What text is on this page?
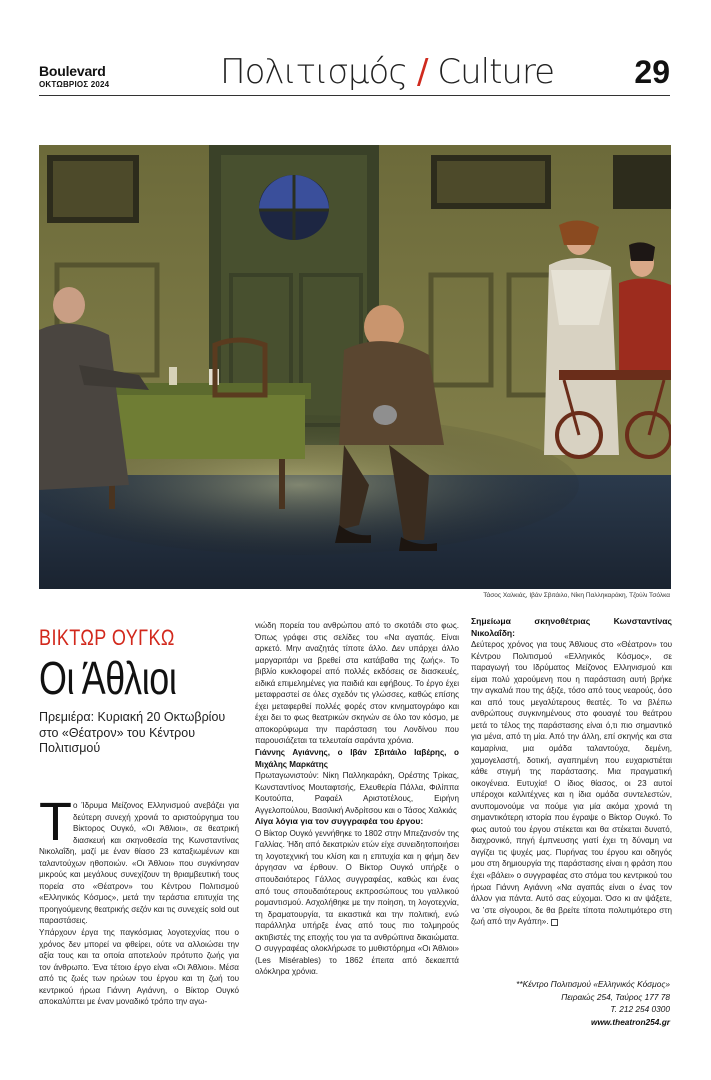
Boulevard
ΟΚΤΩΒΡΙΟΣ 2024	Πολιτισμός / Culture	29
Τάσος Χαλκιάς, Ιβάν Σβιτάιλο, Νίκη Παλληκαράκη, Τζούλι Τσόλκα
ΒΙΚΤΩΡ ΟΥΓΚΩ
Οι Άθλιοι
Πρεμιέρα: Κυριακή 20 Οκτωβρίου στο «Θέατρον» του Κέντρου Πολιτισμού
Τ ο Ίδρυμα Μείζονος Ελληνισμού ανεβάζει για δεύτερη συνεχή χρονιά το αριστούργημα του Βίκτορος Ουγκό, «Οι Άθλιοι», σε θεατρική διασκευή και σκηνοθεσία της Κωνσταντίνας Νικολαΐδη, μαζί με έναν θίασο 23 καταξιωμένων και ταλαντούχων ηθοποιών. «Οι Άθλιοι» που συγκίνησαν μικρούς και μεγάλους συνεχίζουν τη θριαμβευτική τους πορεία στο «Θέατρον» του Κέντρου Πολιτισμού «Ελληνικός Κόσμος», μετά την τεράστια επιτυχία της προηγούμενης θεατρικής σεζόν και τις συνεχείς sold out παραστάσεις.

Υπάρχουν έργα της παγκόσμιας λογοτεχνίας που ο χρόνος δεν μπορεί να φθείρει, ούτε να αλλοιώσει την αξία τους και τα οποία αποτελούν πρότυπο ζωής για τον άνθρωπο. Ένα τέτοιο έργο είναι «Οι Άθλιοι». Μέσα από τις ζωές των ηρώων του έργου και τη ζωή του κεντρικού ήρωα Γιάννη Αγιάννη, ο Βίκτορ Ουγκό αποκαλύπτει με έναν μοναδικό τρόπο την αγω-

νιώδη πορεία του ανθρώπου από το σκοτάδι στο φως. Όπως γράφει στις σελίδες του «Να αγαπάς. Είναι αρκετό. Μην αναζητάς τίποτε άλλο. Δεν υπάρχει άλλο μαργαριτάρι να βρεθεί στα κατάβαθα της ζωής». Το βιβλίο κυκλοφορεί από πολλές εκδόσεις σε διασκευές, ειδικά επιμελημένες για παιδιά και εφήβους. Το έργο έχει μεταφραστεί σε όλες σχεδόν τις γλώσσες, καθώς επίσης έχει μεταφερθεί πολλές φορές στον κινηματογράφο και έχει δει το φως θεατρικών σκηνών σε όλο τον κόσμο, με αποκορύφωμα την παράσταση του Λονδίνου που παρουσιάζεται τα τελευταία σαράντα χρόνια.

Γιάννης Αγιάννης, ο Ιβάν Σβιτάιλο Ιαβέρης, ο Μιχάλης Μαρκάτης

Πρωταγωνιστούν: Νίκη Παλληκαράκη, Ορέστης Τρίκας, Κωνσταντίνος Μουταφτσής, Ελευθερία Πάλλα, Φιλίππα Κουτούπα, Ραφαέλ Αριστοτέλους, Ειρήνη Αγγελοπούλου, Βασιλική Ανδρίτσου και ο Τάσος Χαλκιάς

Λίγα λόγια για τον συγγραφέα του έργου:

Ο Βίκτορ Ουγκό γεννήθηκε το 1802 στην Μπεζανσόν της Γαλλίας. Ήδη από δεκατριών ετών είχε συνειδητοποιήσει τη λογοτεχνική του κλίση και η επιτυχία και η φήμη δεν άργησαν να έρθουν. Ο Βίκτορ Ουγκό υπήρξε ο σπουδαιότερος Γάλλος συγγραφέας, καθώς και ένας από τους σπουδαιότερους εκπροσώπους του γαλλικού ρομαντισμού. Ασχολήθηκε με την ποίηση, τη λογοτεχνία, τη δραματουργία, τα εικαστικά και την πολιτική, ενώ παράλληλα υπήρξε ένας από τους πιο τολμηρούς ακτιβιστές της εποχής του για τα ανθρώπινα δικαιώματα. Ο συγγραφέας ολοκλήρωσε το μυθιστόρημα «Οι Άθλιοι» (Les Misérables) το 1862 έπειτα από δεκαεπτά ολόκληρα χρόνια.

Σημείωμα σκηνοθέτριας Κωνσταντίνας Νικολαΐδη:

Δεύτερος χρόνος για τους Άθλιους στο «Θέατρον» του Κέντρου Πολιτισμού «Ελληνικός Κόσμος», σε παραγωγή του Ιδρύματος Μείζονος Ελληνισμού και είμαι πολύ χαρούμενη που η παράσταση αυτή βρήκε την αγκαλιά που της άξιζε, τόσο από τους νεαρούς, όσο και από τους μεγαλύτερους θεατές. Το να βλέπω ανθρώπους συγκινημένους στο φουαγιέ του θεάτρου μετά το τέλος της παράστασης είναι ό,τι πιο σημαντικό για μένα, από τη μία. Από την άλλη, επί σκηνής και στα καμαρίνια, μια ομάδα ταλαντούχα, δεμένη, χαμογελαστή, δοτική, αγαπημένη που ευχαριστιέται κάθε στιγμή της παράστασης. Μια πραγματική οικογένεια. Ευτυχία! Ο ίδιος θίασος, οι 23 αυτοί υπέροχοι καλλιτέχνες και η ίδια ομάδα συντελεστών, ανυπομονούμε να πούμε για μία ακόμα χρονιά τη σημαντικότερη ιστορία που έγραψε ο Βίκτορ Ουγκό. Το φως αυτού του έργου στέκεται και θα στέκεται δυνατό, διαχρονικό, πηγή έμπνευσης γιατί έχει τη δύναμη να αγγίζει τις ψυχές μας. Πυρήνας του έργου και οδηγός μου στη δημιουργία της παράστασης είναι η φράση που έχει «βάλει» ο συγγραφέας στο στόμα του κεντρικού του ήρωα Γιάννη Αγιάννη «Να αγαπάς είναι ο ένας τον άλλον για πάντα. Αυτό σας εύχομαι. Όσο κι αν ψάξετε, να ’στε σίγουροι, δε θα βρείτε τίποτα πολυτιμότερο στη ζωή από την Αγάπη».

**Κέντρο Πολιτισμού «Ελληνικός Κόσμος»
Πειραιώς 254, Ταύρος 177 78
Τ. 212 254 0300
www.theatron254.gr
